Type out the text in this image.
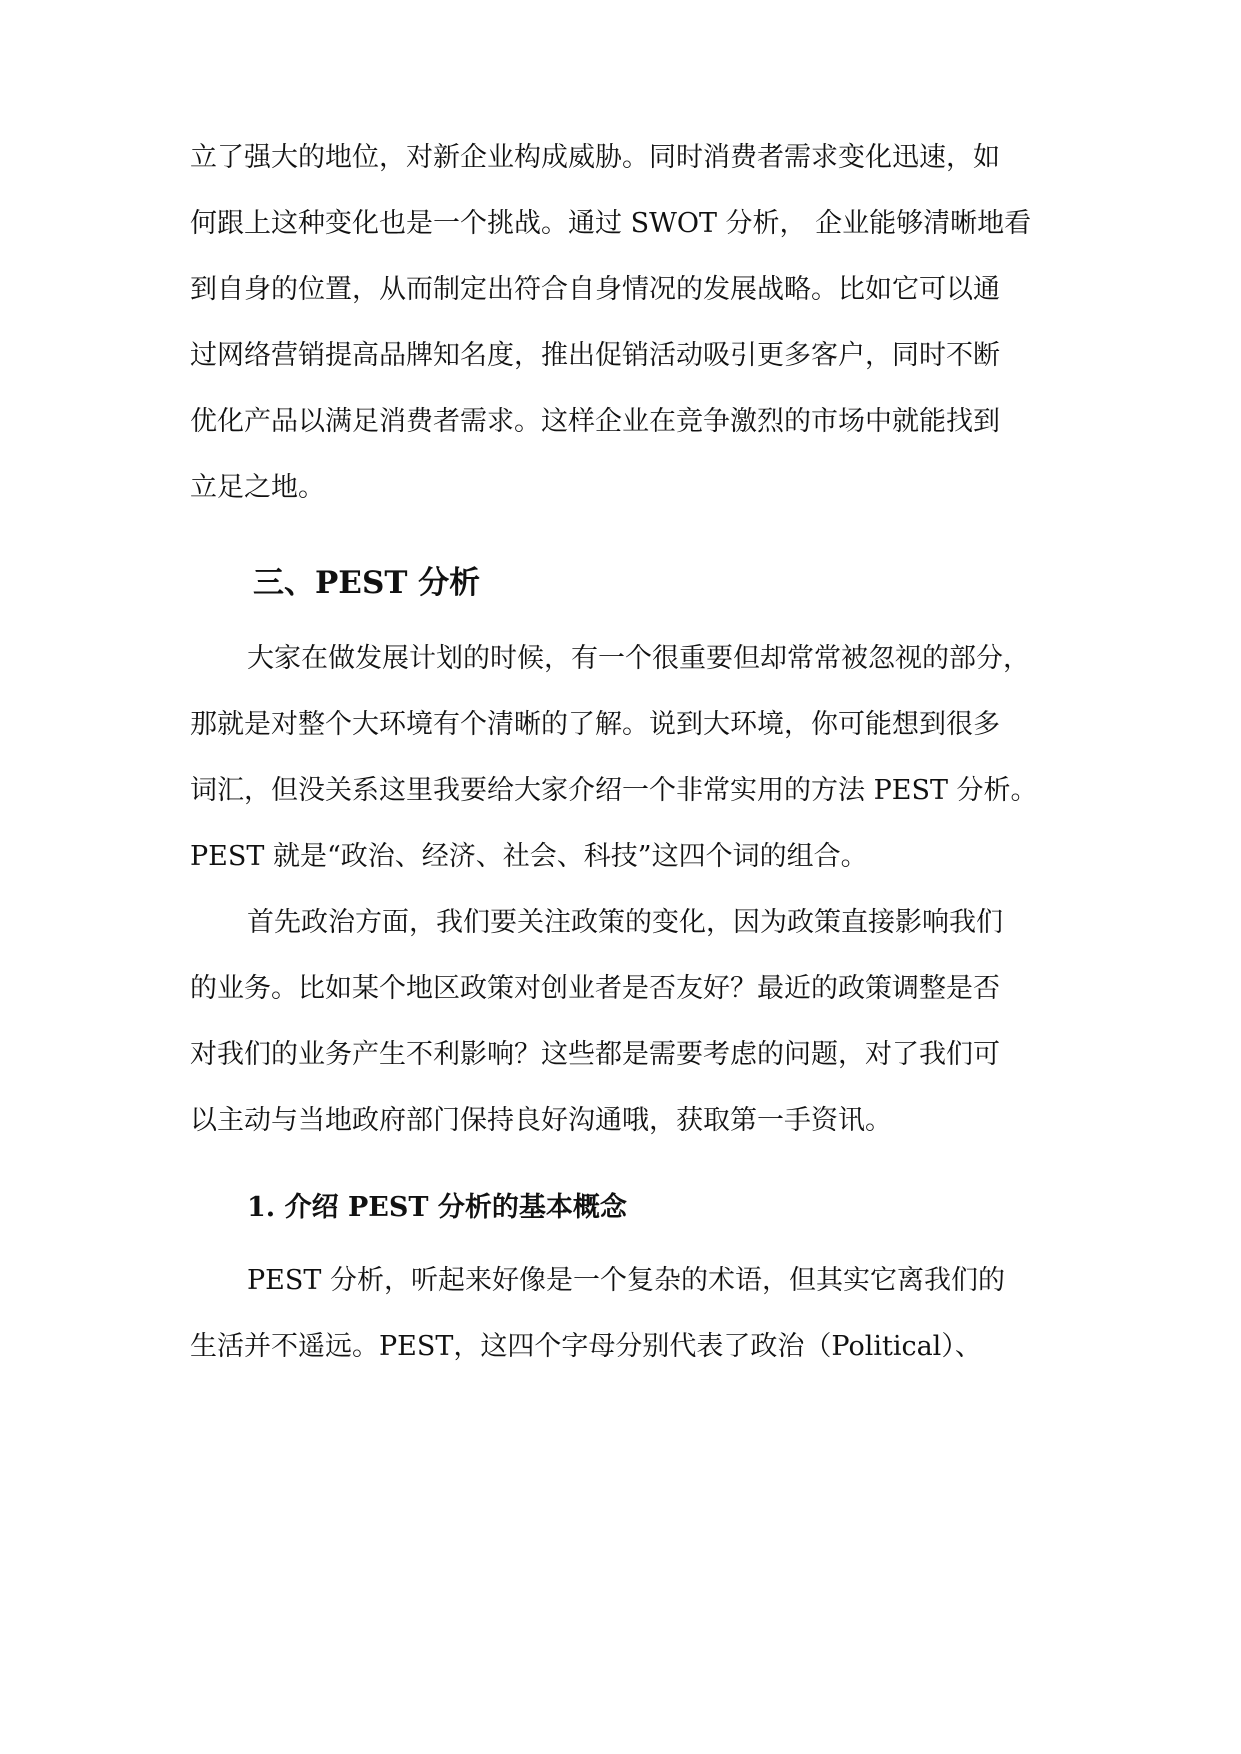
立了强大的地位，对新企业构成威胁。同时消费者需求变化迅速，如
何跟上这种变化也是一个挑战。通过 SWOT 分析， 企业能够清晰地看
到自身的位置，从而制定出符合自身情况的发展战略。比如它可以通
过网络营销提高品牌知名度，推出促销活动吸引更多客户，同时不断
优化产品以满足消费者需求。这样企业在竞争激烈的市场中就能找到
立足之地。
三、PEST 分析
大家在做发展计划的时候，有一个很重要但却常常被忽视的部分，
那就是对整个大环境有个清晰的了解。说到大环境，你可能想到很多
词汇，但没关系这里我要给大家介绍一个非常实用的方法 PEST 分析。
PEST 就是“政治、经济、社会、科技”这四个词的组合。
首先政治方面，我们要关注政策的变化，因为政策直接影响我们
的业务。比如某个地区政策对创业者是否友好？最近的政策调整是否
对我们的业务产生不利影响？这些都是需要考虑的问题，对了我们可
以主动与当地政府部门保持良好沟通哦，获取第一手资讯。
1. 介绍 PEST 分析的基本概念
PEST 分析，听起来好像是一个复杂的术语，但其实它离我们的
生活并不遥远。PEST，这四个字母分别代表了政治（Political）、
